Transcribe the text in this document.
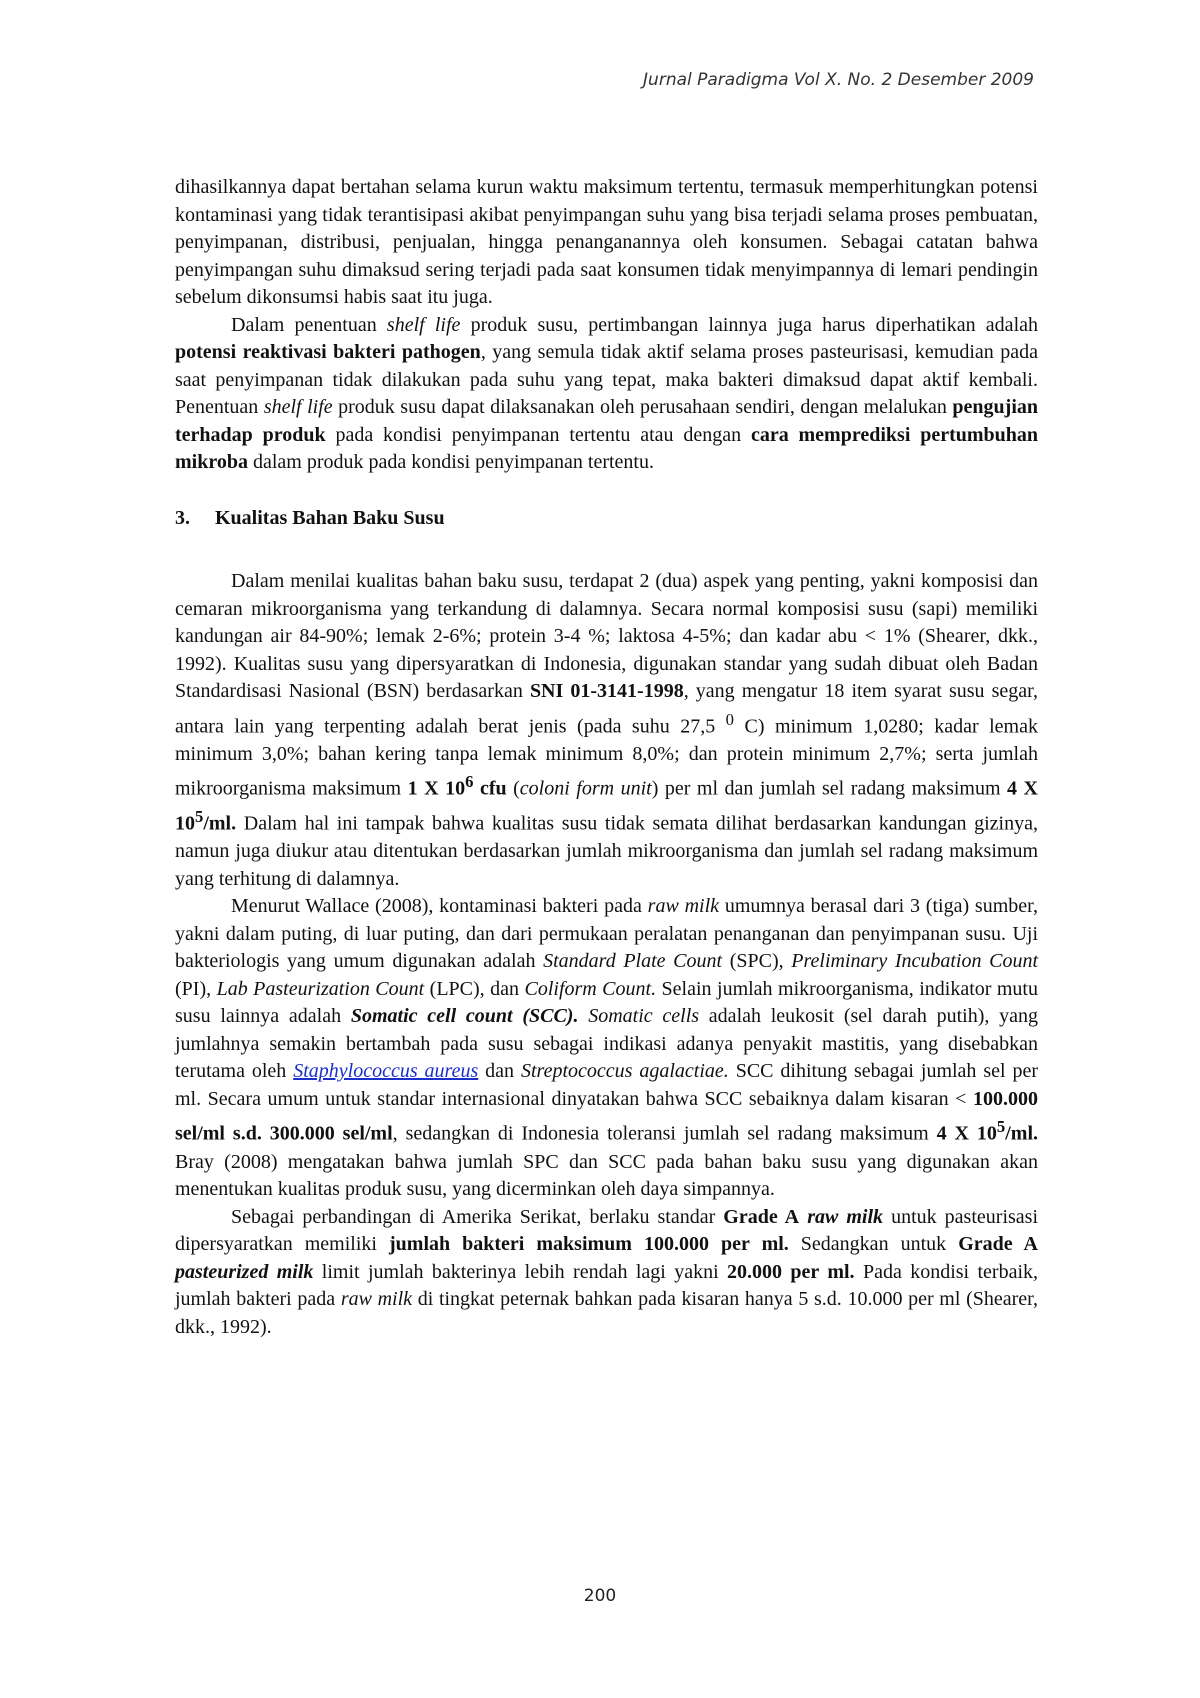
Jurnal Paradigma Vol X. No. 2 Desember 2009

dihasilkannya dapat bertahan selama kurun waktu maksimum tertentu, termasuk memperhitungkan potensi kontaminasi yang tidak terantisipasi akibat penyimpangan suhu yang bisa terjadi selama proses pembuatan, penyimpanan, distribusi, penjualan, hingga penanganannya oleh konsumen. Sebagai catatan bahwa penyimpangan suhu dimaksud sering terjadi pada saat konsumen tidak menyimpannya di lemari pendingin sebelum dikonsumsi habis saat itu juga.

Dalam penentuan shelf life produk susu, pertimbangan lainnya juga harus diperhatikan adalah potensi reaktivasi bakteri pathogen, yang semula tidak aktif selama proses pasteurisasi, kemudian pada saat penyimpanan tidak dilakukan pada suhu yang tepat, maka bakteri dimaksud dapat aktif kembali. Penentuan shelf life produk susu dapat dilaksanakan oleh perusahaan sendiri, dengan melalukan pengujian terhadap produk pada kondisi penyimpanan tertentu atau dengan cara memprediksi pertumbuhan mikroba dalam produk pada kondisi penyimpanan tertentu.

3. Kualitas Bahan Baku Susu

Dalam menilai kualitas bahan baku susu, terdapat 2 (dua) aspek yang penting, yakni komposisi dan cemaran mikroorganisma yang terkandung di dalamnya. Secara normal komposisi susu (sapi) memiliki kandungan air 84-90%; lemak 2-6%; protein 3-4 %; laktosa 4-5%; dan kadar abu < 1% (Shearer, dkk., 1992). Kualitas susu yang dipersyaratkan di Indonesia, digunakan standar yang sudah dibuat oleh Badan Standardisasi Nasional (BSN) berdasarkan SNI 01-3141-1998, yang mengatur 18 item syarat susu segar, antara lain yang terpenting adalah berat jenis (pada suhu 27,5 $^0$ C) minimum 1,0280; kadar lemak minimum 3,0%; bahan kering tanpa lemak minimum 8,0%; dan protein minimum 2,7%; serta jumlah mikroorganisma maksimum 1 X $10^6$ cfu (coloni form unit) per ml dan jumlah sel radang maksimum 4 X $10^5/ml$. Dalam hal ini tampak bahwa kualitas susu tidak semata dilihat berdasarkan kandungan gizinya, namun juga diukur atau ditentukan berdasarkan jumlah mikroorganisma dan jumlah sel radang maksimum yang terhitung di dalamnya.

Menurut Wallace (2008), kontaminasi bakteri pada raw milk umumnya berasal dari 3 (tiga) sumber, yakni dalam puting, di luar puting, dan dari permukaan peralatan penanganan dan penyimpanan susu. Uji bakteriologis yang umum digunakan adalah Standard Plate Count (SPC), Preliminary Incubation Count (PI), Lab Pasteurization Count (LPC), dan Coliform Count. Selain jumlah mikroorganisma, indikator mutu susu lainnya adalah Somatic cell count (SCC). Somatic cells adalah leukosit (sel darah putih), yang jumlahnya semakin bertambah pada susu sebagai indikasi adanya penyakit mastitis, yang disebabkan terutama oleh Staphylococcus aureus dan Streptococcus agalactiae. SCC dihitung sebagai jumlah sel per ml. Secara umum untuk standar internasional dinyatakan bahwa SCC sebaiknya dalam kisaran < 100.000 sel/ml s.d. 300.000 sel/ml, sedangkan di Indonesia toleransi jumlah sel radang maksimum 4 X $10^5/ml$. Bray (2008) mengatakan bahwa jumlah SPC dan SCC pada bahan baku susu yang digunakan akan menentukan kualitas produk susu, yang dicerminkan oleh daya simpannya.

Sebagai perbandingan di Amerika Serikat, berlaku standar Grade A raw milk untuk pasteurisasi dipersyaratkan memiliki jumlah bakteri maksimum 100.000 per ml. Sedangkan untuk Grade A pasteurized milk limit jumlah bakterinya lebih rendah lagi yakni 20.000 per ml. Pada kondisi terbaik, jumlah bakteri pada raw milk di tingkat peternak bahkan pada kisaran hanya 5 s.d. 10.000 per ml (Shearer, dkk., 1992).

200
